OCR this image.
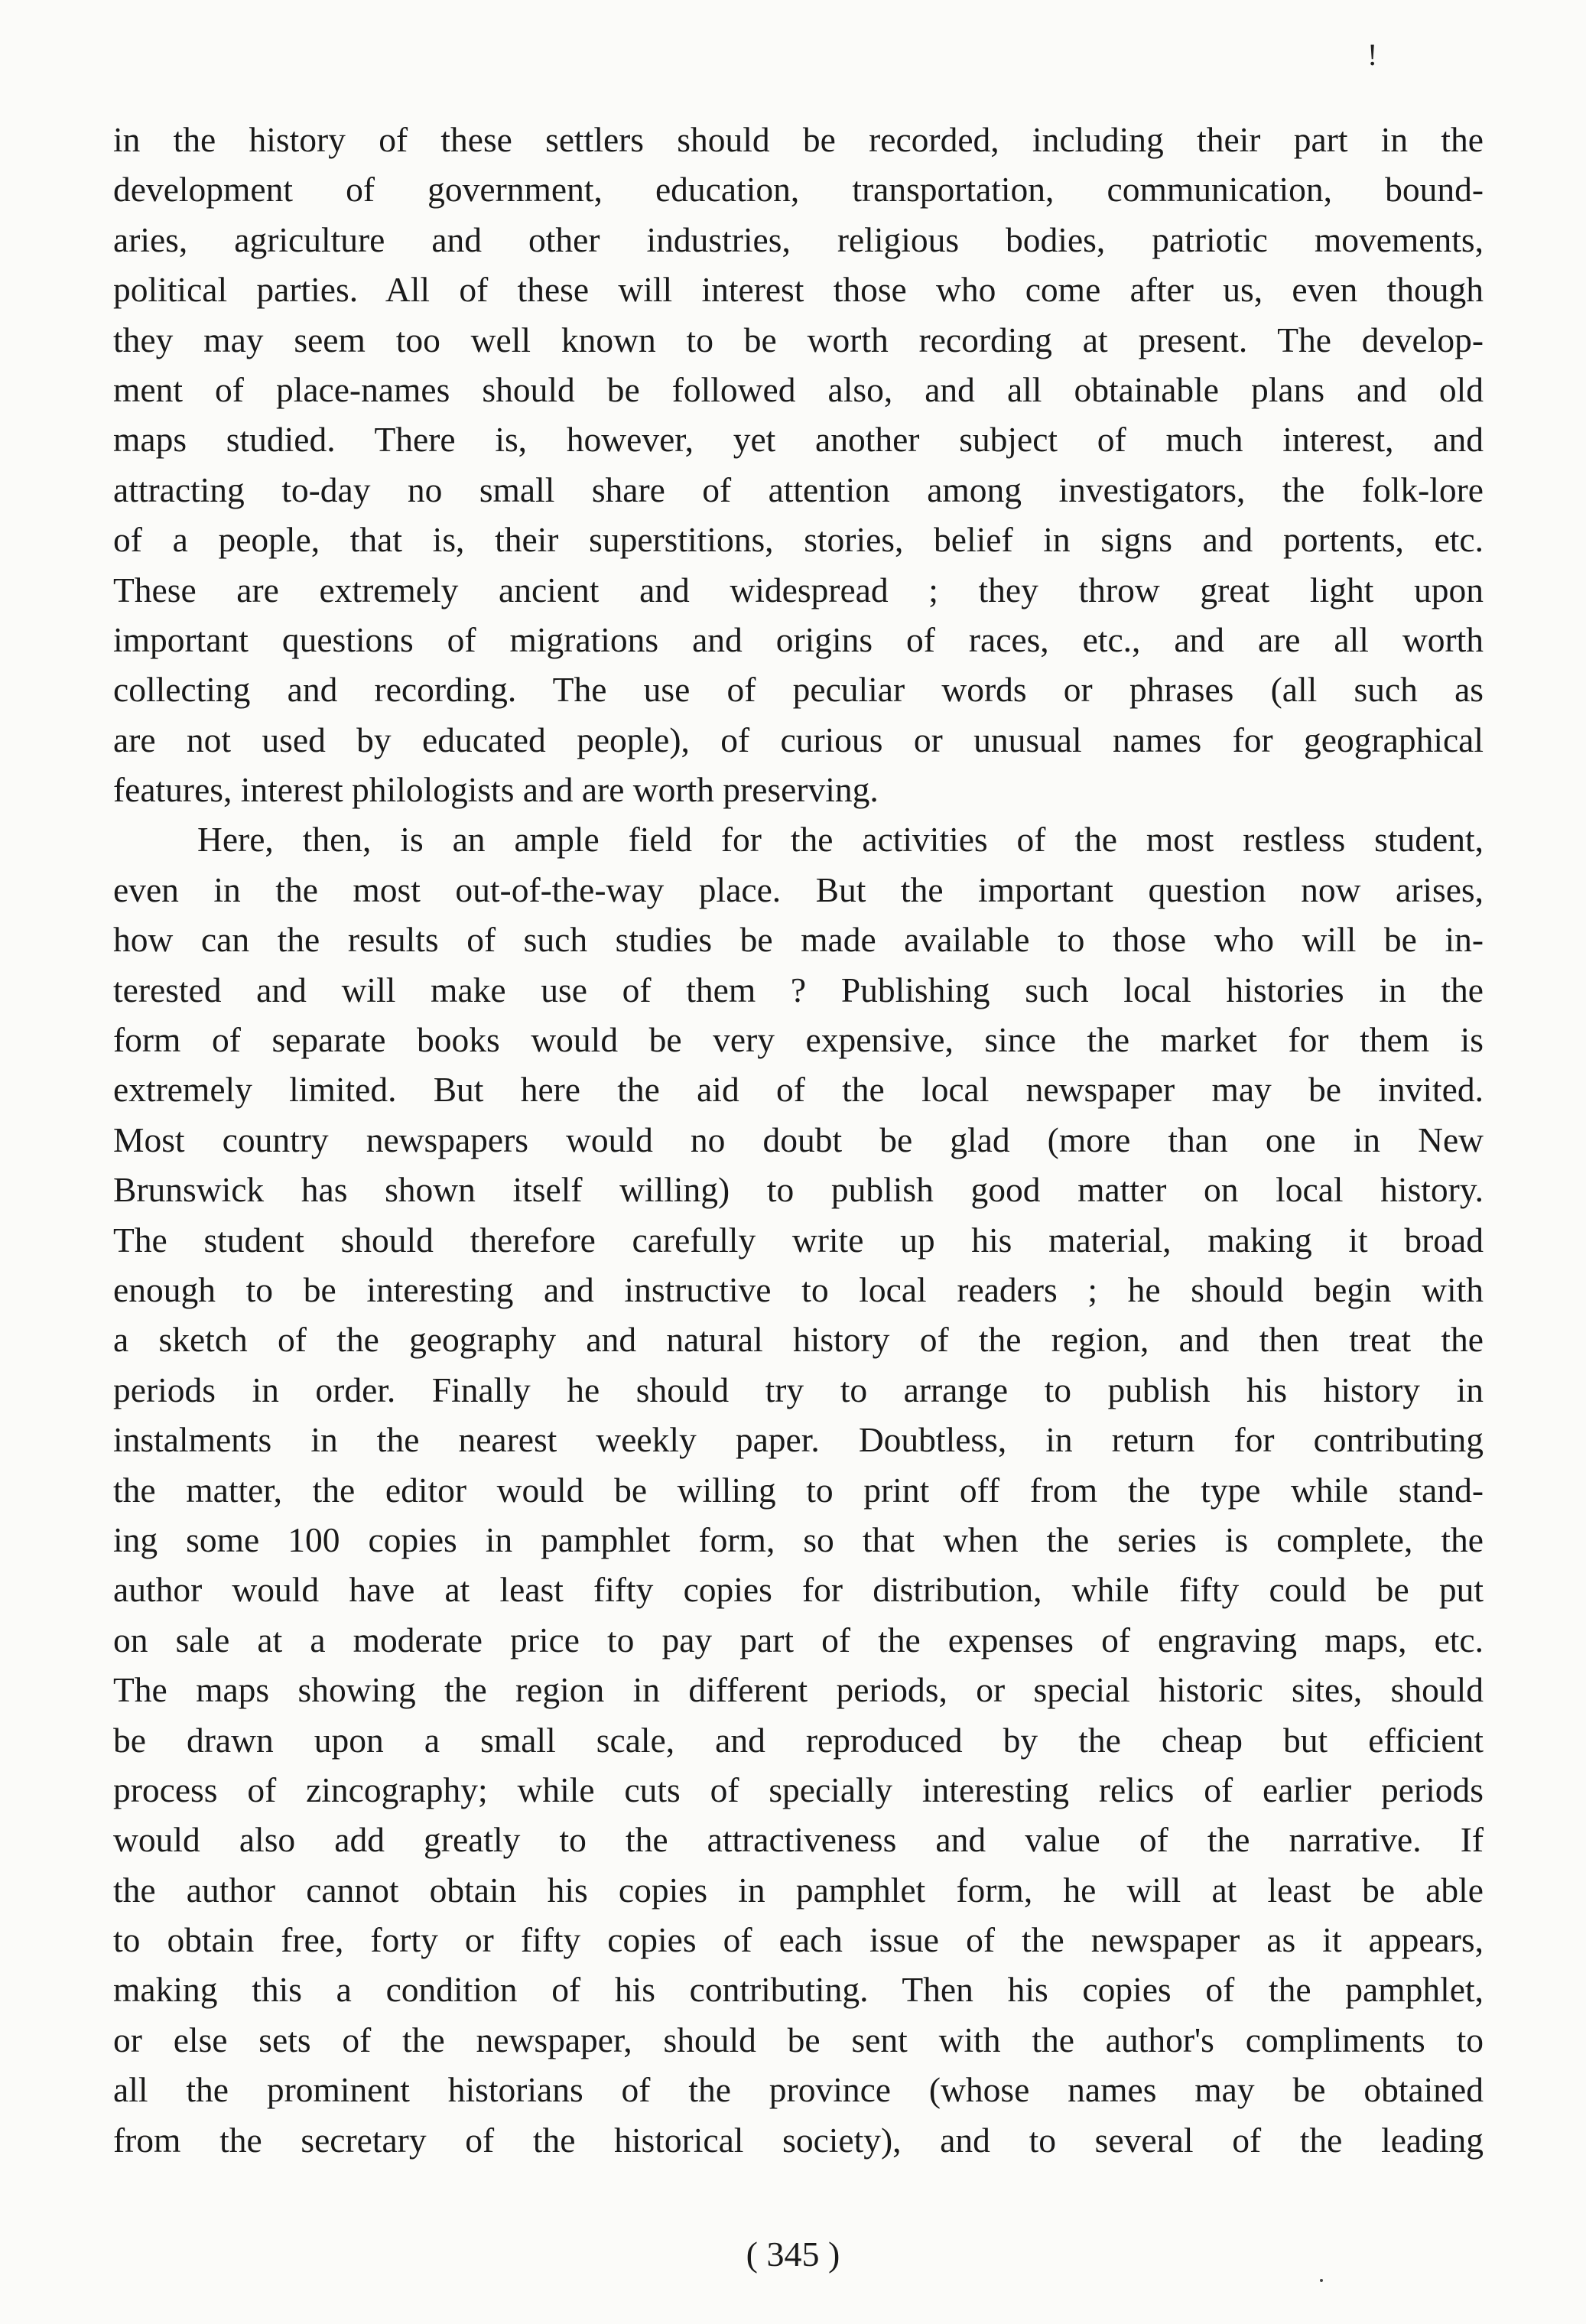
!
in the history of these settlers should be recorded, including their part in the
development of government, education, transportation, communication, bound-
aries, agriculture and other industries, religious bodies, patriotic movements,
political parties. All of these will interest those who come after us, even though
they may seem too well known to be worth recording at present. The develop-
ment of place-names should be followed also, and all obtainable plans and old
maps studied. There is, however, yet another subject of much interest, and
attracting to-day no small share of attention among investigators, the folk-lore
of a people, that is, their superstitions, stories, belief in signs and portents, etc.
These are extremely ancient and widespread ; they throw great light upon
important questions of migrations and origins of races, etc., and are all worth
collecting and recording. The use of peculiar words or phrases (all such as
are not used by educated people), of curious or unusual names for geographical
features, interest philologists and are worth preserving.
Here, then, is an ample field for the activities of the most restless student,
even in the most out-of-the-way place. But the important question now arises,
how can the results of such studies be made available to those who will be in-
terested and will make use of them ? Publishing such local histories in the
form of separate books would be very expensive, since the market for them is
extremely limited. But here the aid of the local newspaper may be invited.
Most country newspapers would no doubt be glad (more than one in New
Brunswick has shown itself willing) to publish good matter on local history.
The student should therefore carefully write up his material, making it broad
enough to be interesting and instructive to local readers ; he should begin with
a sketch of the geography and natural history of the region, and then treat the
periods in order. Finally he should try to arrange to publish his history in
instalments in the nearest weekly paper. Doubtless, in return for contributing
the matter, the editor would be willing to print off from the type while stand-
ing some 100 copies in pamphlet form, so that when the series is complete, the
author would have at least fifty copies for distribution, while fifty could be put
on sale at a moderate price to pay part of the expenses of engraving maps, etc.
The maps showing the region in different periods, or special historic sites, should
be drawn upon a small scale, and reproduced by the cheap but efficient
process of zincography; while cuts of specially interesting relics of earlier periods
would also add greatly to the attractiveness and value of the narrative. If
the author cannot obtain his copies in pamphlet form, he will at least be able
to obtain free, forty or fifty copies of each issue of the newspaper as it appears,
making this a condition of his contributing. Then his copies of the pamphlet,
or else sets of the newspaper, should be sent with the author's compliments to
all the prominent historians of the province (whose names may be obtained
from the secretary of the historical society), and to several of the leading
( 345 )
